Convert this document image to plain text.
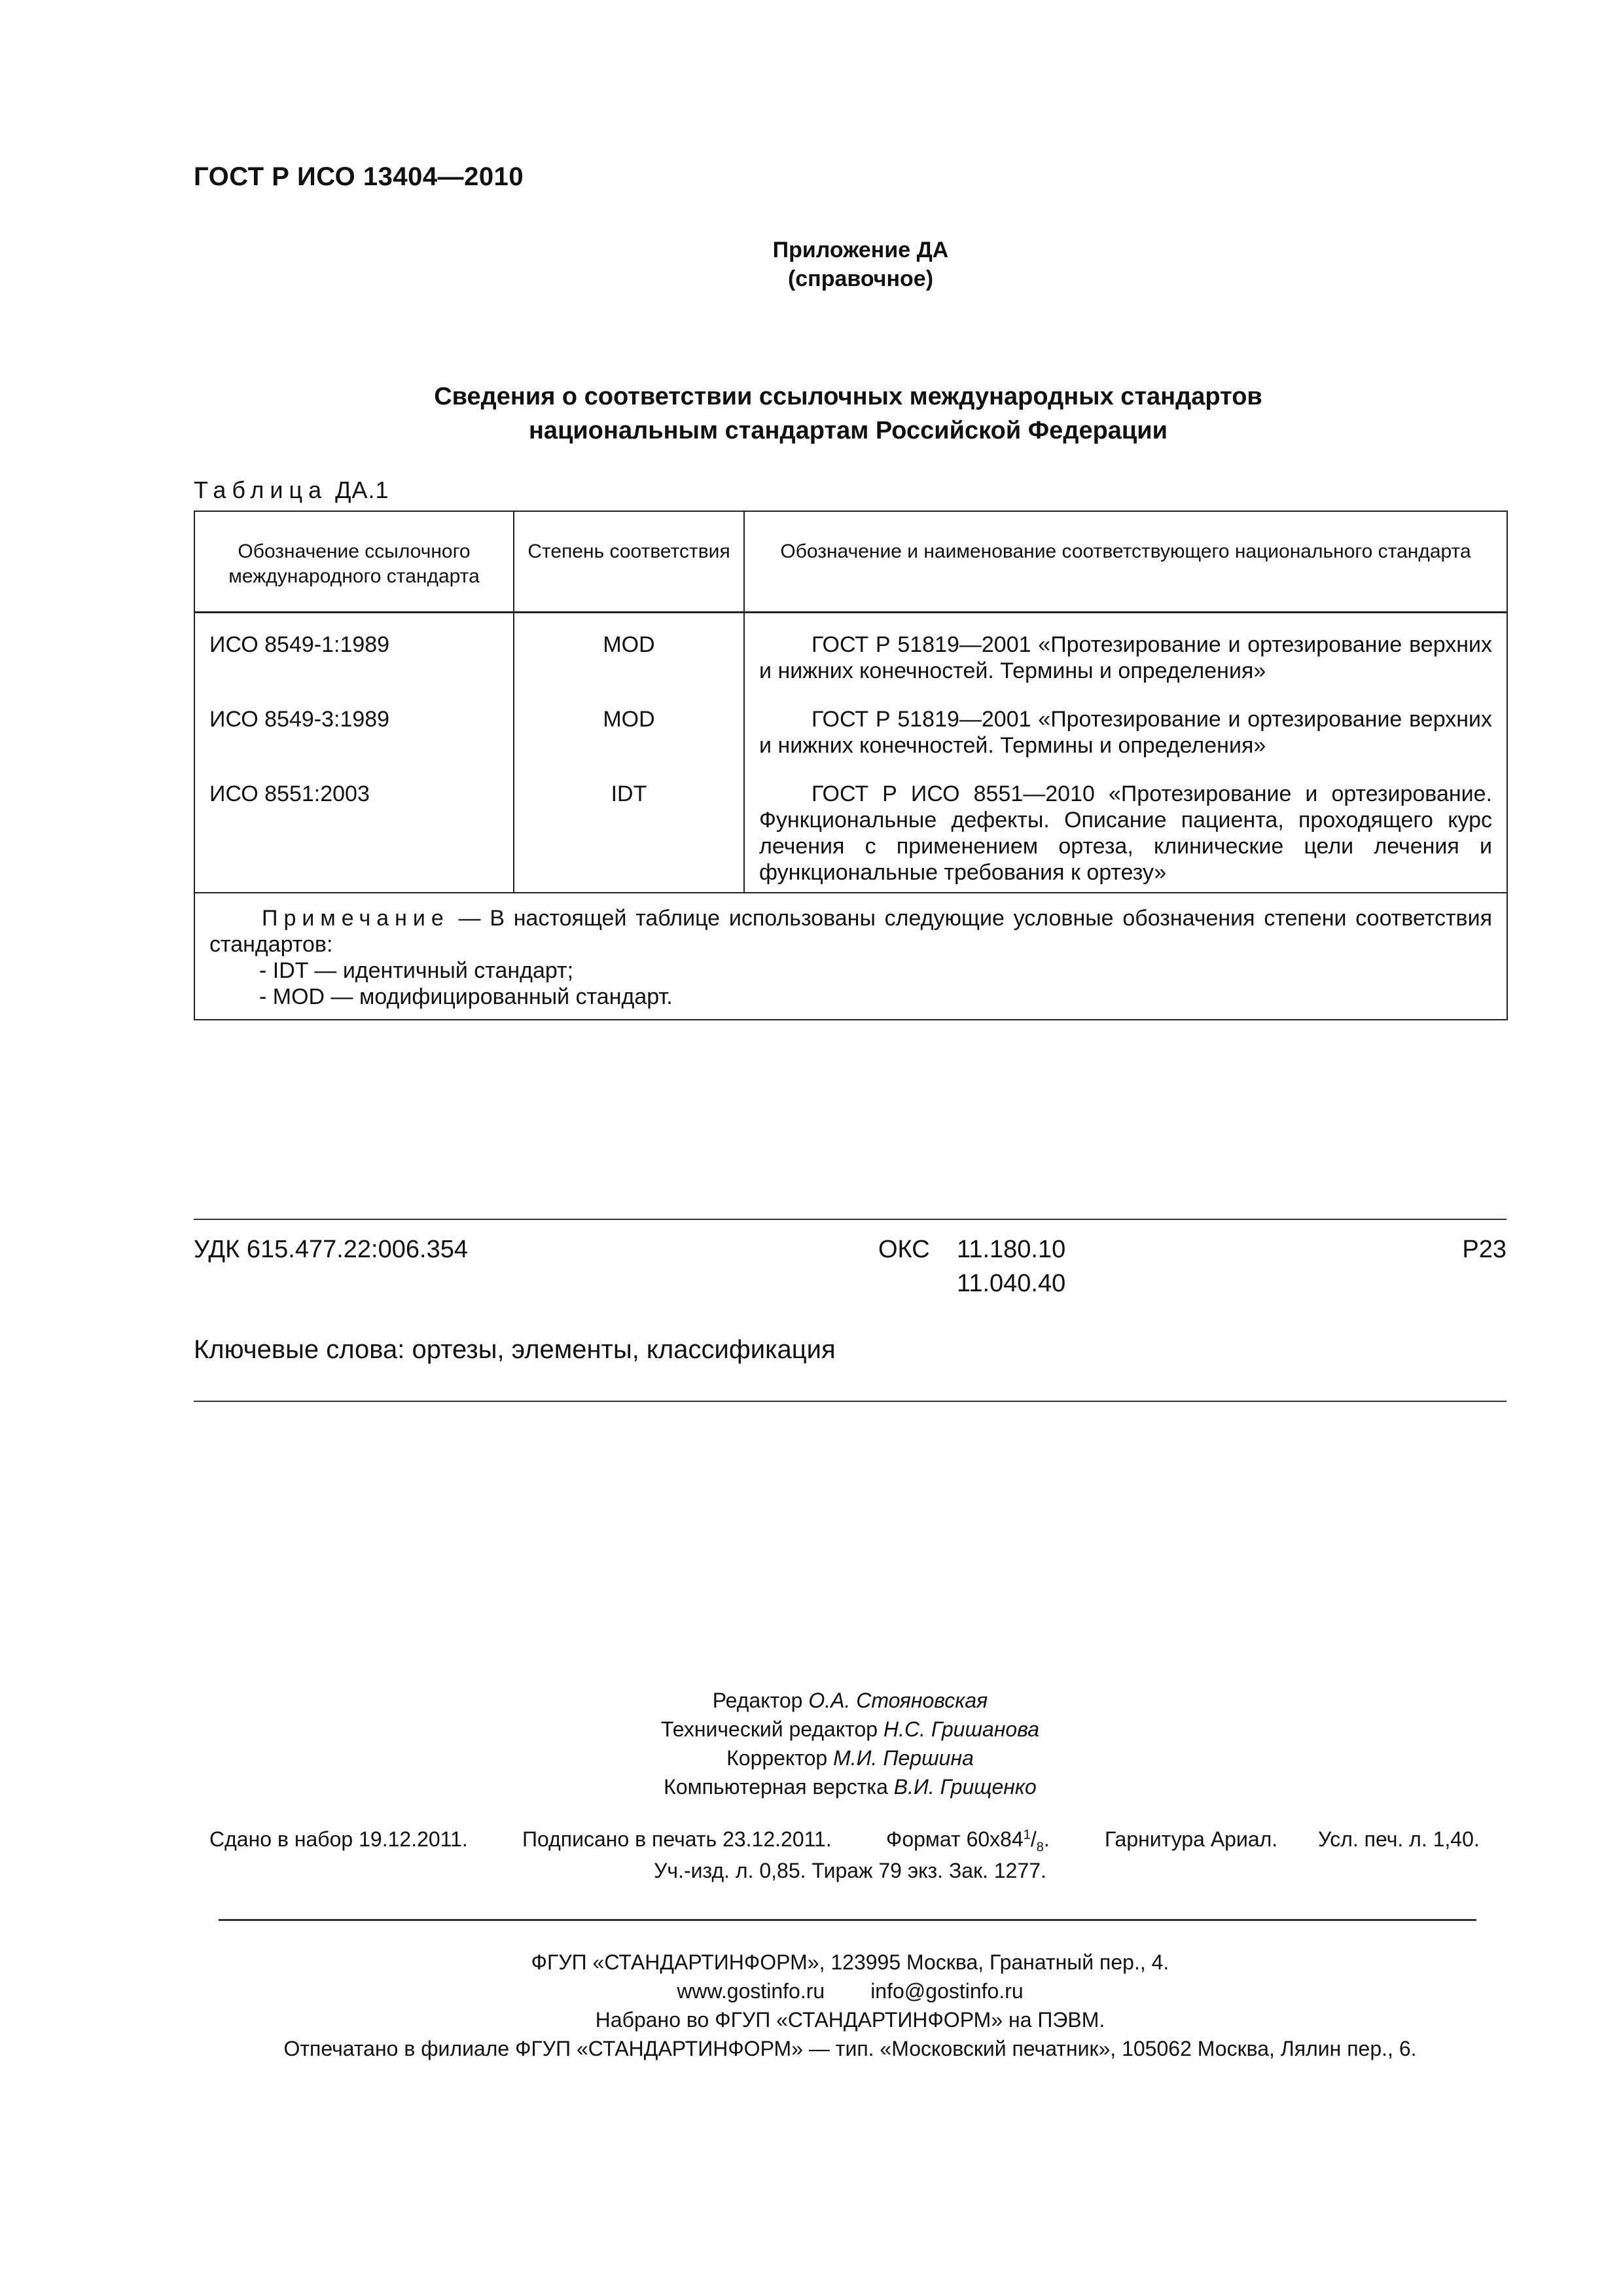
ГОСТ Р ИСО 13404—2010
Приложение ДА
(справочное)
Сведения о соответствии ссылочных международных стандартов
национальным стандартам Российской Федерации
Таблица ДА.1
Обозначение ссылочного международного стандарта	Степень соответствия	Обозначение и наименование соответствующего национального стандарта
ИСО 8549-1:1989	MOD	ГОСТ Р 51819—2001 «Протезирование и ортезирование верхних и нижних конечностей. Термины и определения»
ИСО 8549-3:1989	MOD	ГОСТ Р 51819—2001 «Протезирование и ортезирование верхних и нижних конечностей. Термины и определения»
ИСО 8551:2003	IDT	ГОСТ Р ИСО 8551—2010 «Протезирование и ортезирование. Функциональные дефекты. Описание пациента, проходящего курс лечения с применением ортеза, клинические цели лечения и функциональные требования к ортезу»

Примечание — В настоящей таблице использованы следующие условные обозначения степени соответствия стандартов:
- IDT — идентичный стандарт;
- MOD — модифицированный стандарт.		
УДК 615.477.22:006.354	ОКС 11.180.10
11.040.40
Р23
Ключевые слова: ортезы, элементы, классификация
Редактор О.А. Стояновская
Технический редактор Н.С. Гришанова
Корректор М.И. Першина
Компьютерная верстка В.И. Грищенко
Сдано в набор 19.12.2011.	Подписано в печать 23.12.2011.	Формат $60х84^1/_8$.	Гарнитура Ариал. Усл. печ. л. 1,40.
Уч.-изд. л. 0,85. Тираж 79 экз. Зак. 1277.
ФГУП «СТАНДАРТИНФОРМ», 123995 Москва, Гранатный пер., 4.
www.gostinfo.ru info@gostinfo.ru
Набрано во ФГУП «СТАНДАРТИНФОРМ» на ПЭВМ.
Отпечатано в филиале ФГУП «СТАНДАРТИНФОРМ» — тип. «Московский печатник», 105062 Москва, Лялин пер., 6.
